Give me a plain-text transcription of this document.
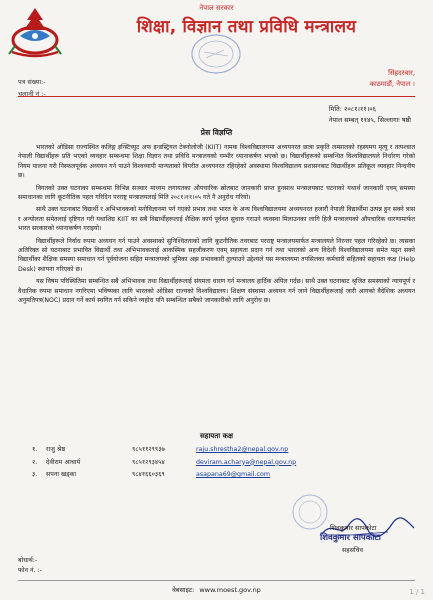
नेपाल सरकार
शिक्षा, विज्ञान तथा प्रविधि मन्त्रालय
पत्र संख्या:-
चलानी नं :-
सिंहदरबार,
काठमाडौं, नेपाल ।
मिति: २०८१।११।०६
नेपाल सम्बत् ११४५, सिल्लागाः षष्ठी
प्रेस विज्ञप्ति

भारतको ओडिसा राज्यस्थित कलिङ्ग इन्स्टिच्युट अफ इन्डस्ट्रियल टेक्नोलोजी (KIIT) नामक विश्वविद्यालयमा अध्ययनरत छात्रा प्रकृति लम्सालको रहस्यमय मृत्यु र तत्पश्चात नेपाली विद्यार्थीहरू प्रति भएको व्यवहार सम्बन्धमा शिक्षा विज्ञान तथा प्रविधि मन्त्रालयको गम्भीर ध्यानाकर्षण भएको छ। विद्यार्थीहरूको सम्बन्धित विश्वविद्यालयले निर्धारण गरेको नियम पालना गरी निस्फलपूर्वक अध्ययन गर्न पाउने विश्वव्यापी मान्यताको विपरीत अध्ययनरत रहिरहेको अवस्थामा विश्वविद्यालय प्रशासनबाट विद्यार्थीहरू प्रतिकूल व्यवहार निन्दनीय छ।

विगतको उक्त घटनाका सम्बन्धमा विभिन्न सञ्चार माध्यम लगायतका औपचारिक स्रोतबाट जानकारी प्राप्त हुनसाथ मन्त्रालयबाट घटनाको यथार्थ जानकारी एवम् समस्या समाधानका लागि कूटनीतिक पहल गरिदिन परराष्ट्र मन्त्रालयलाई मिति २०८१।११।०५ गते नै अनुरोध गरियो।

साथै उक्त घटनाबाट विद्यार्थी र अभिभावकको मनोविज्ञानमा पर्न गएको प्रभाव तथा भारत के अन्य विश्वविद्यालयमा अध्ययनरत हजारौं नेपाली विद्यार्थीमा उत्पन्न हुन सक्ने त्रास र अन्योलता समेतलाई दृष्टिगत गरी यथाशिघ्र KIIT का सबै विद्यार्थीहरूलाई शैक्षिक कार्य पूर्ववत सुचारु गराउने व्यवस्था मिलाउनका लागि हिजै मन्त्रालयको औपचारिक धारणामार्फत भारत सरकारको ध्यानाकर्षण गराइयो।

विद्यार्थीहरूले निर्वाध रुपमा अध्ययन गर्न पाउने अवस्थाको सुनिश्चितताको लागि कूटनीतिक तवरबाट परराष्ट्र मन्त्रालयमार्फत मन्त्रालयले निरन्तर पहल गरिरहेको छ। त्यसका अतिरिक्त सो घटनाबाट प्रभावित विद्यार्थी तथा अभिभावकलाई आकस्मिक सहजीकरण एवम् सहायता प्रदान गर्न तथा भारतको अन्य विदेशी विश्वविद्यालयमा समेत पढ्न सक्ने विद्यार्थीका शैक्षिक समस्या समाधान गर्न पूर्वयोजना सहित मन्त्रालयको भूमिका अझ प्रभावकारी तुल्याउने उद्देश्यले यस मन्त्रालयमा तपसिलका कर्मचारी सहितको सहायता कक्ष (Help Desk) स्थापना गरिएको छ।

यस विषम परिस्थितिमा सम्बन्धित सबै अभिभावक तथा विद्यार्थीहरूलाई संयमता धारण गर्न मन्त्रालय हार्दिक अपिल गर्दछ। साथै उक्त घटनाबाट श्रृजित समस्याको न्यायपूर्ण र वैधानिक रुपमा समाधान नगरिएमा भविष्यका लागि भारतको ओडिसा राज्यको विश्वविद्यालय। शिक्षण संस्थामा अध्ययन गर्न जाने विद्यार्थीहरूलाई जारी आगको वैदेशिक अध्ययन अनुमतिपत्र(NOC) प्रदान गर्ने कार्य स्थगित गर्न सकिने व्यहोरा पनि सम्बन्धित सबैको जानकारीको लागि अनुरोध छ।

सहायता कक्ष
१.	राजु श्रेष्ठ	९८५११२९९३७	raju.shrestha2@nepal.gov.np
२.	देवीराम आचार्य	९८५१२९३४५४	deviram.acharya@nepal.gov.np
३.	सपना खड्का	९८४१६६०३६९	asapana69@gmail.com
शिवकुमार सापकोटा
शिवकुमार सापकोटा
सहसचिव
बोधार्थ:-
फोन नं. :-
वेबसाइट: www.moest.gov.np	1 / 1
